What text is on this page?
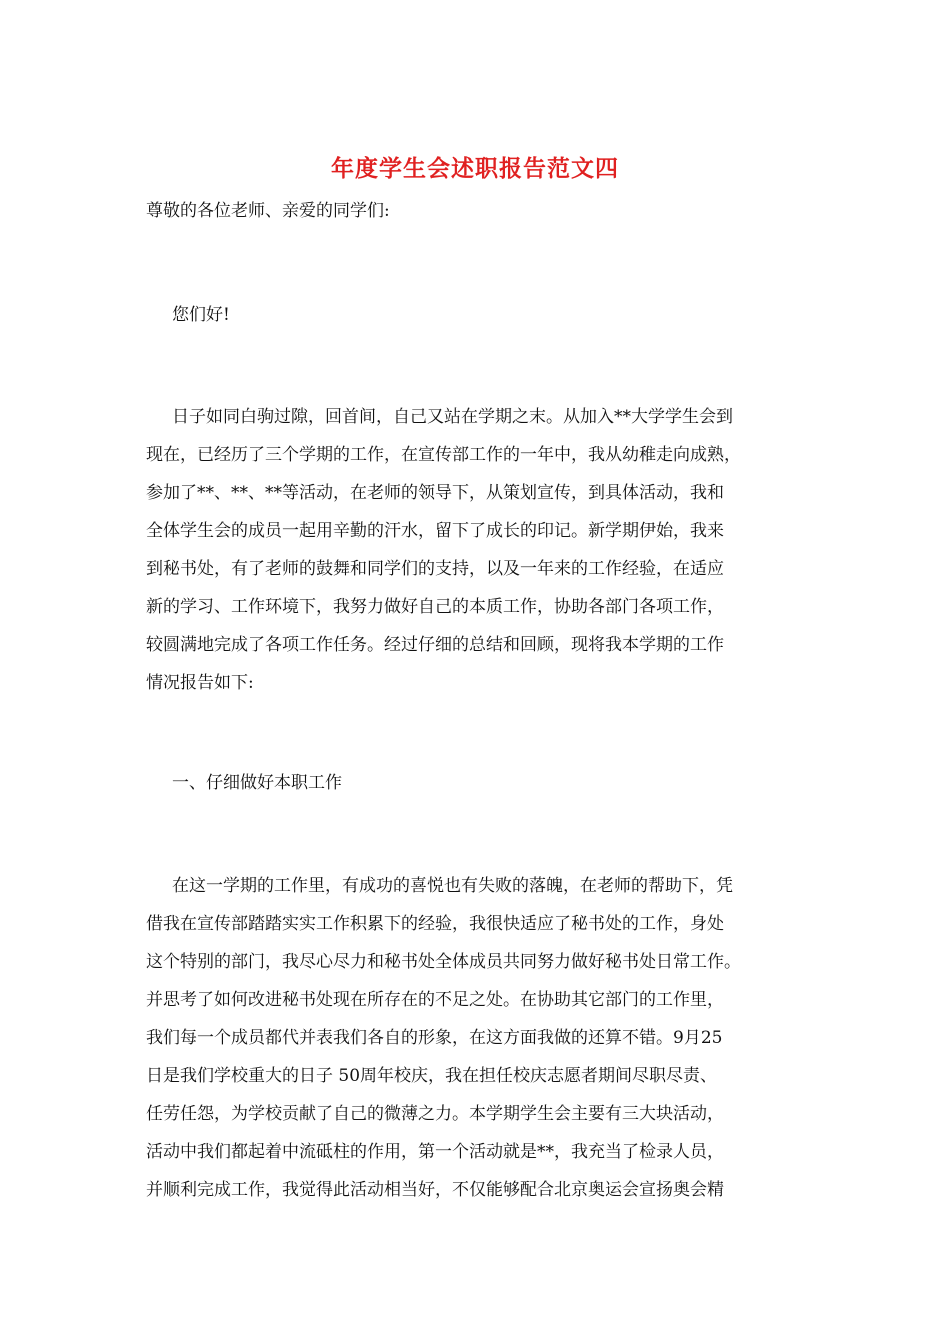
年度学生会述职报告范文四
尊敬的各位老师、亲爱的同学们:
您们好!
日子如同白驹过隙，回首间，自己又站在学期之末。从加入**大学学生会到
现在，已经历了三个学期的工作，在宣传部工作的一年中，我从幼稚走向成熟，
参加了**、**、**等活动，在老师的领导下，从策划宣传，到具体活动，我和
全体学生会的成员一起用辛勤的汗水，留下了成长的印记。新学期伊始，我来
到秘书处，有了老师的鼓舞和同学们的支持，以及一年来的工作经验，在适应
新的学习、工作环境下，我努力做好自己的本质工作，协助各部门各项工作，
较圆满地完成了各项工作任务。经过仔细的总结和回顾，现将我本学期的工作
情况报告如下:
一、仔细做好本职工作
在这一学期的工作里，有成功的喜悦也有失败的落魄，在老师的帮助下，凭
借我在宣传部踏踏实实工作积累下的经验，我很快适应了秘书处的工作，身处
这个特别的部门，我尽心尽力和秘书处全体成员共同努力做好秘书处日常工作。
并思考了如何改进秘书处现在所存在的不足之处。在协助其它部门的工作里，
我们每一个成员都代并表我们各自的形象，在这方面我做的还算不错。9月25
日是我们学校重大的日子 50周年校庆，我在担任校庆志愿者期间尽职尽责、
任劳任怨，为学校贡献了自己的微薄之力。本学期学生会主要有三大块活动，
活动中我们都起着中流砥柱的作用，第一个活动就是**，我充当了检录人员，
并顺利完成工作，我觉得此活动相当好，不仅能够配合北京奥运会宣扬奥会精
